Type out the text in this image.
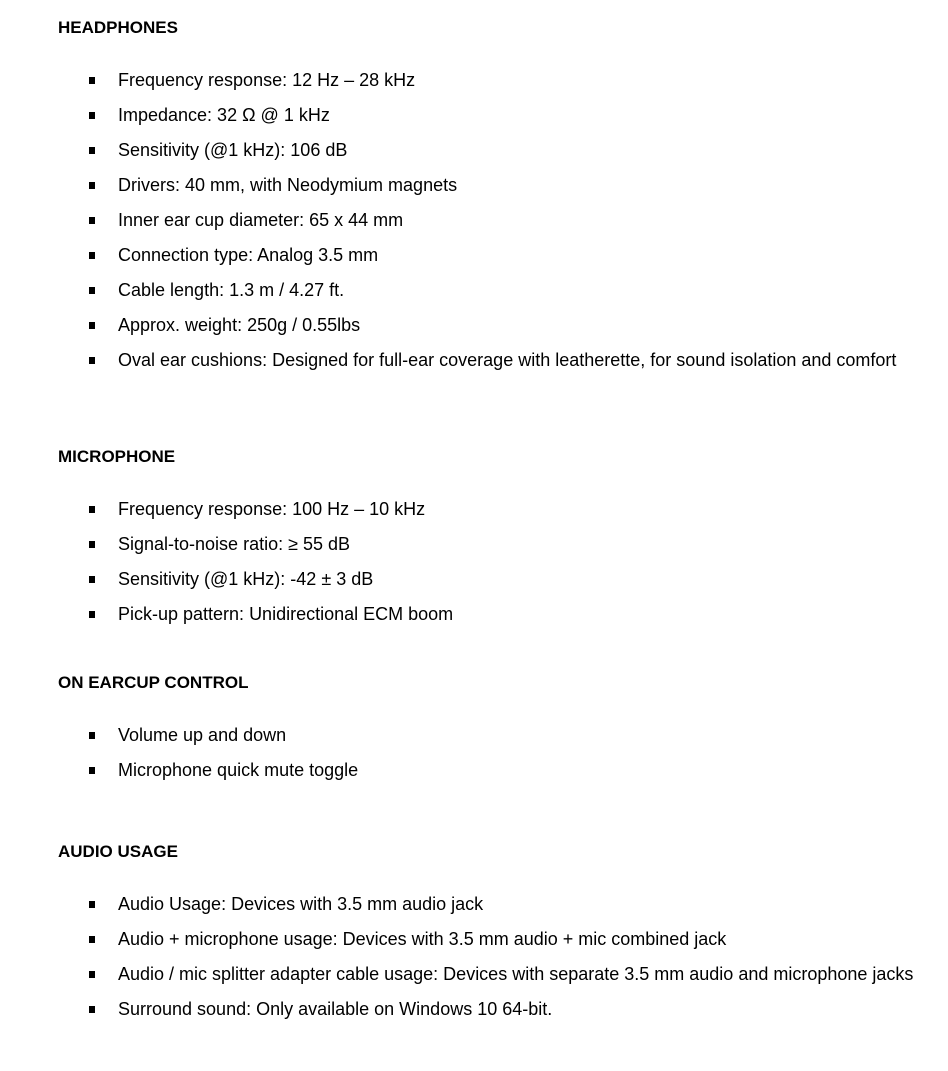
HEADPHONES
Frequency response: 12 Hz – 28 kHz
Impedance: 32 Ω @ 1 kHz
Sensitivity (@1 kHz): 106 dB
Drivers: 40 mm, with Neodymium magnets
Inner ear cup diameter: 65 x 44 mm
Connection type: Analog 3.5 mm
Cable length: 1.3 m / 4.27 ft.
Approx. weight: 250g / 0.55lbs
Oval ear cushions: Designed for full-ear coverage with leatherette, for sound isolation and comfort
MICROPHONE
Frequency response: 100 Hz – 10 kHz
Signal-to-noise ratio: ≥ 55 dB
Sensitivity (@1 kHz): -42 ± 3 dB
Pick-up pattern: Unidirectional ECM boom
ON EARCUP CONTROL
Volume up and down
Microphone quick mute toggle
AUDIO USAGE
Audio Usage: Devices with 3.5 mm audio jack
Audio + microphone usage: Devices with 3.5 mm audio + mic combined jack
Audio / mic splitter adapter cable usage: Devices with separate 3.5 mm audio and microphone jacks
Surround sound: Only available on Windows 10 64-bit.
